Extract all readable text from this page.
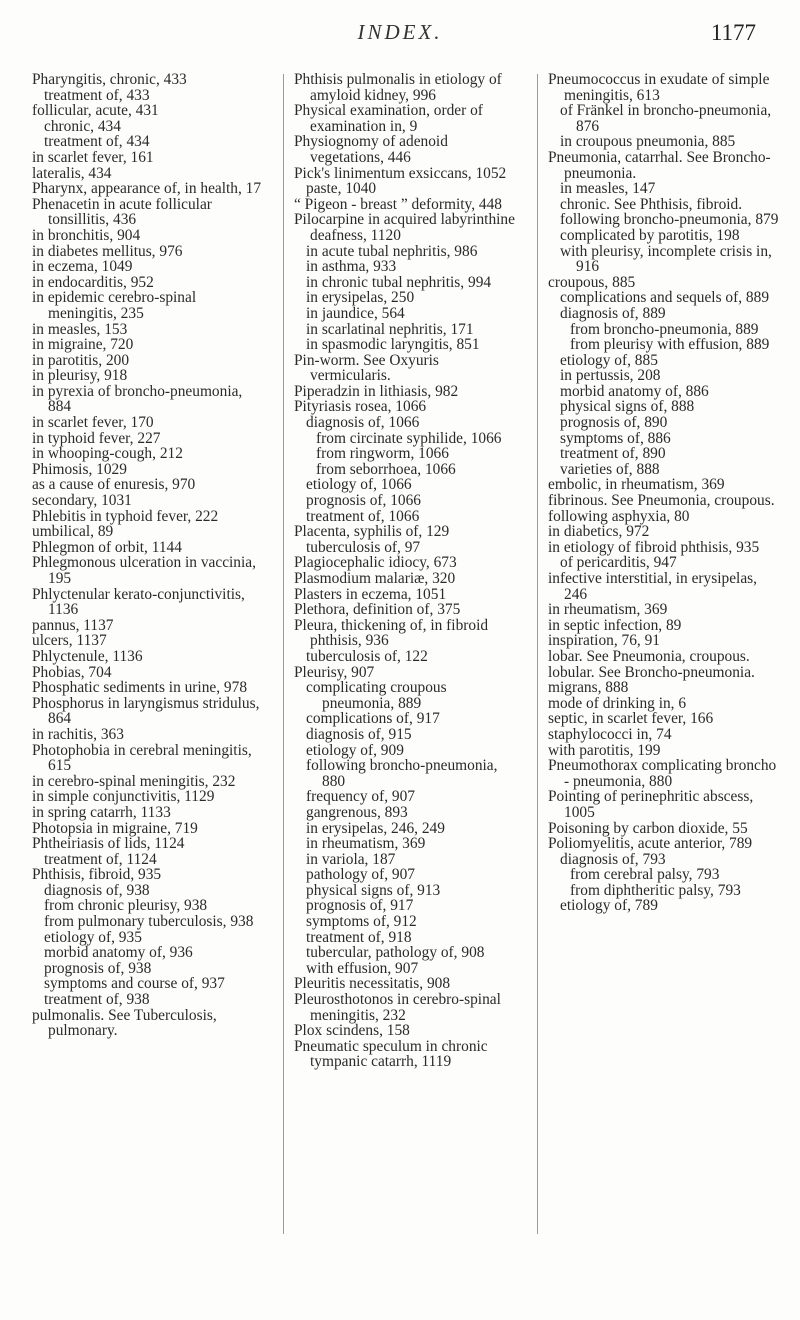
INDEX.	1177

Pharyngitis, chronic, 433

treatment of, 433

follicular, acute, 431

chronic, 434

treatment of, 434

in scarlet fever, 161

lateralis, 434

Pharynx, appearance of, in health, 17

Phenacetin in acute follicular tonsillitis, 436

in bronchitis, 904

in diabetes mellitus, 976

in eczema, 1049

in endocarditis, 952

in epidemic cerebro-spinal meningitis, 235

in measles, 153

in migraine, 720

in parotitis, 200

in pleurisy, 918

in pyrexia of broncho-pneumonia, 884

in scarlet fever, 170

in typhoid fever, 227

in whooping-cough, 212

Phimosis, 1029

as a cause of enuresis, 970

secondary, 1031

Phlebitis in typhoid fever, 222

umbilical, 89

Phlegmon of orbit, 1144

Phlegmonous ulceration in vaccinia, 195

Phlyctenular kerato-conjunctivitis, 1136

pannus, 1137

ulcers, 1137

Phlyctenule, 1136

Phobias, 704

Phosphatic sediments in urine, 978

Phosphorus in laryngismus stridulus, 864

in rachitis, 363

Photophobia in cerebral meningitis, 615

in cerebro-spinal meningitis, 232

in simple conjunctivitis, 1129

in spring catarrh, 1133

Photopsia in migraine, 719

Phtheiriasis of lids, 1124

treatment of, 1124

Phthisis, fibroid, 935

diagnosis of, 938

from chronic pleurisy, 938

from pulmonary tuberculosis, 938

etiology of, 935

morbid anatomy of, 936

prognosis of, 938

symptoms and course of, 937

treatment of, 938

pulmonalis. See Tuberculosis, pulmonary.

Phthisis pulmonalis in etiology of amyloid kidney, 996

Physical examination, order of examination in, 9

Physiognomy of adenoid vegetations, 446

Pick's linimentum exsiccans, 1052

paste, 1040

“ Pigeon - breast ” deformity, 448

Pilocarpine in acquired labyrinthine deafness, 1120

in acute tubal nephritis, 986

in asthma, 933

in chronic tubal nephritis, 994

in erysipelas, 250

in jaundice, 564

in scarlatinal nephritis, 171

in spasmodic laryngitis, 851

Pin-worm. See Oxyuris vermicularis.

Piperadzin in lithiasis, 982

Pityriasis rosea, 1066

diagnosis of, 1066

from circinate syphilide, 1066

from ringworm, 1066

from seborrhoea, 1066

etiology of, 1066

prognosis of, 1066

treatment of, 1066

Placenta, syphilis of, 129

tuberculosis of, 97

Plagiocephalic idiocy, 673

Plasmodium malariæ, 320

Plasters in eczema, 1051

Plethora, definition of, 375

Pleura, thickening of, in fibroid phthisis, 936

tuberculosis of, 122

Pleurisy, 907

complicating croupous pneumonia, 889

complications of, 917

diagnosis of, 915

etiology of, 909

following broncho-pneumonia, 880

frequency of, 907

gangrenous, 893

in erysipelas, 246, 249

in rheumatism, 369

in variola, 187

pathology of, 907

physical signs of, 913

prognosis of, 917

symptoms of, 912

treatment of, 918

tubercular, pathology of, 908

with effusion, 907

Pleuritis necessitatis, 908

Pleurosthotonos in cerebro-spinal meningitis, 232

Plox scindens, 158

Pneumatic speculum in chronic tympanic catarrh, 1119

Pneumococcus in exudate of simple meningitis, 613

of Fränkel in broncho-pneumonia, 876

in croupous pneumonia, 885

Pneumonia, catarrhal. See Broncho-pneumonia.

in measles, 147

chronic. See Phthisis, fibroid.

following broncho-pneumonia, 879

complicated by parotitis, 198

with pleurisy, incomplete crisis in, 916

croupous, 885

complications and sequels of, 889

diagnosis of, 889

from broncho-pneumonia, 889

from pleurisy with effusion, 889

etiology of, 885

in pertussis, 208

morbid anatomy of, 886

physical signs of, 888

prognosis of, 890

symptoms of, 886

treatment of, 890

varieties of, 888

embolic, in rheumatism, 369

fibrinous. See Pneumonia, croupous.

following asphyxia, 80

in diabetics, 972

in etiology of fibroid phthisis, 935

of pericarditis, 947

infective interstitial, in erysipelas, 246

in rheumatism, 369

in septic infection, 89

inspiration, 76, 91

lobar. See Pneumonia, croupous.

lobular. See Broncho-pneumonia.

migrans, 888

mode of drinking in, 6

septic, in scarlet fever, 166

staphylococci in, 74

with parotitis, 199

Pneumothorax complicating broncho - pneumonia, 880

Pointing of perinephritic abscess, 1005

Poisoning by carbon dioxide, 55

Poliomyelitis, acute anterior, 789

diagnosis of, 793

from cerebral palsy, 793

from diphtheritic palsy, 793

etiology of, 789
